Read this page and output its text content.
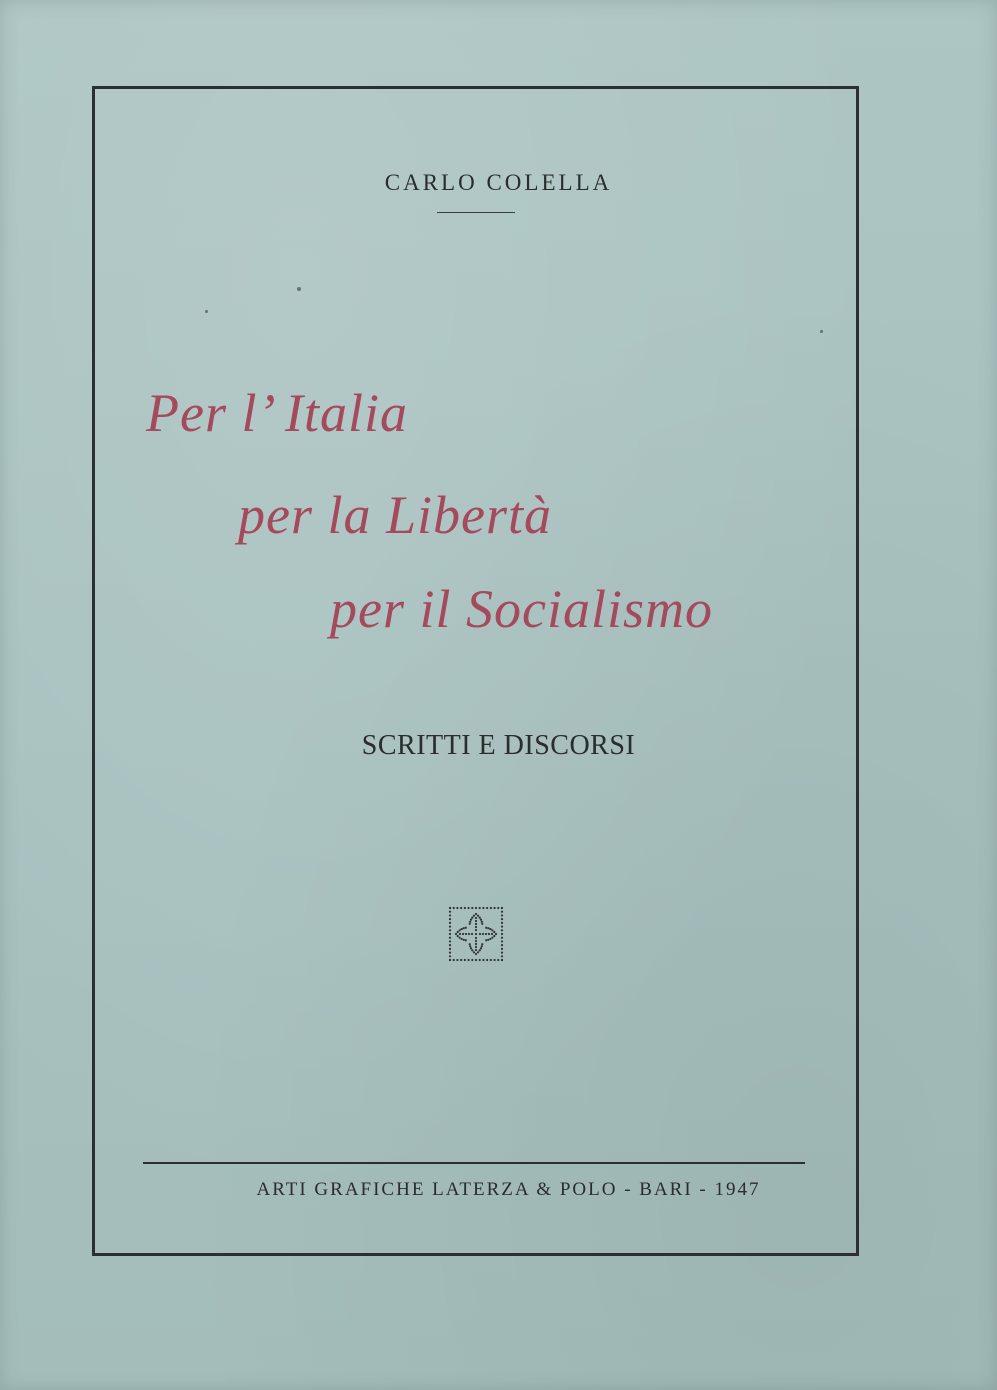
CARLO COLELLA
Per l’ Italia
per la Libertà
per il Socialismo
SCRITTI E DISCORSI
ARTI GRAFICHE LATERZA & POLO - BARI - 1947
